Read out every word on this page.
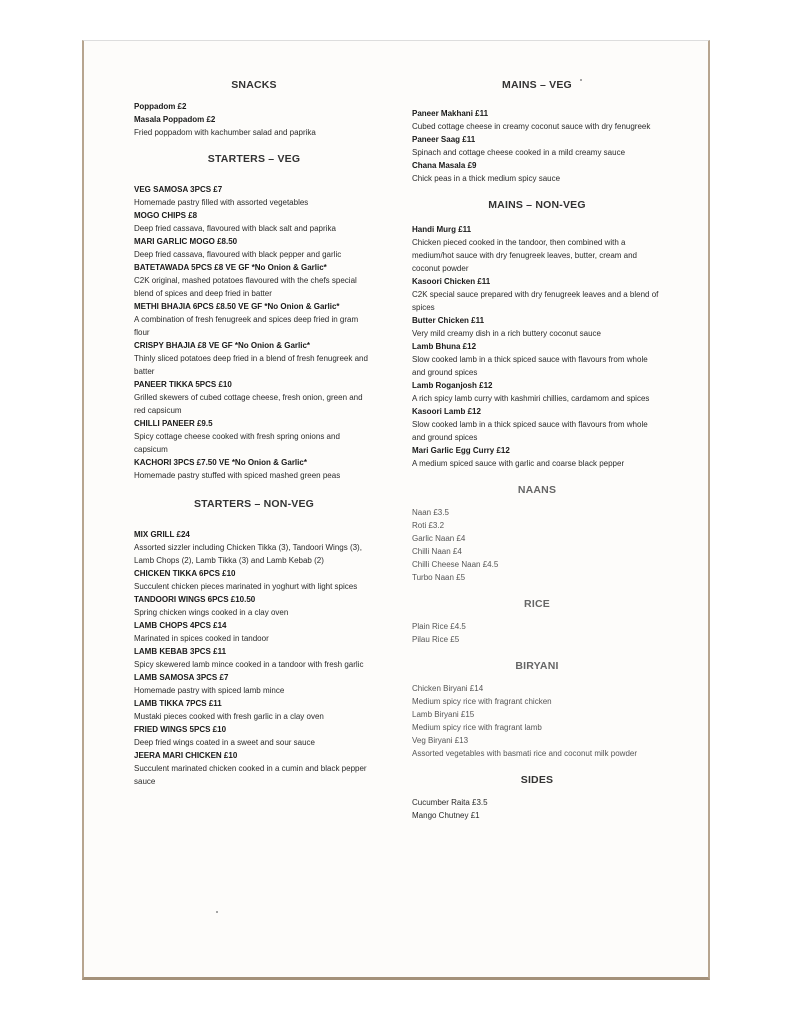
SNACKS
Poppadom £2
Masala Poppadom £2
Fried poppadom with kachumber salad and paprika
STARTERS – VEG
VEG SAMOSA 3PCS £7
Homemade pastry filled with assorted vegetables
MOGO CHIPS £8
Deep fried cassava, flavoured with black salt and paprika
MARI GARLIC MOGO £8.50
Deep fried cassava, flavoured with black pepper and garlic
BATETAWADA 5PCS £8 VE GF *No Onion & Garlic*
C2K original, mashed potatoes flavoured with the chefs special blend of spices and deep fried in batter
METHI BHAJIA 6PCS £8.50 VE GF *No Onion & Garlic*
A combination of fresh fenugreek and spices deep fried in gram flour
CRISPY BHAJIA £8 VE GF *No Onion & Garlic*
Thinly sliced potatoes deep fried in a blend of fresh fenugreek and batter
PANEER TIKKA 5PCS £10
Grilled skewers of cubed cottage cheese, fresh onion, green and red capsicum
CHILLI PANEER £9.5
Spicy cottage cheese cooked with fresh spring onions and capsicum
KACHORI 3PCS £7.50 VE *No Onion & Garlic*
Homemade pastry stuffed with spiced mashed green peas
STARTERS – NON-VEG
MIX GRILL £24
Assorted sizzler including Chicken Tikka (3), Tandoori Wings (3), Lamb Chops (2), Lamb Tikka (3) and Lamb Kebab (2)
CHICKEN TIKKA 6PCS £10
Succulent chicken pieces marinated in yoghurt with light spices
TANDOORI WINGS 6PCS £10.50
Spring chicken wings cooked in a clay oven
LAMB CHOPS 4PCS £14
Marinated in spices cooked in tandoor
LAMB KEBAB 3PCS £11
Spicy skewered lamb mince cooked in a tandoor with fresh garlic
LAMB SAMOSA 3PCS £7
Homemade pastry with spiced lamb mince
LAMB TIKKA 7PCS £11
Mustaki pieces cooked with fresh garlic in a clay oven
FRIED WINGS 5PCS £10
Deep fried wings coated in a sweet and sour sauce
JEERA MARI CHICKEN £10
Succulent marinated chicken cooked in a cumin and black pepper sauce
MAINS – VEG
Paneer Makhani £11
Cubed cottage cheese in creamy coconut sauce with dry fenugreek
Paneer Saag £11
Spinach and cottage cheese cooked in a mild creamy sauce
Chana Masala £9
Chick peas in a thick medium spicy sauce
MAINS – NON-VEG
Handi Murg £11
Chicken pieced cooked in the tandoor, then combined with a medium/hot sauce with dry fenugreek leaves, butter, cream and coconut powder
Kasoori Chicken £11
C2K special sauce prepared with dry fenugreek leaves and a blend of spices
Butter Chicken £11
Very mild creamy dish in a rich buttery coconut sauce
Lamb Bhuna £12
Slow cooked lamb in a thick spiced sauce with flavours from whole and ground spices
Lamb Roganjosh £12
A rich spicy lamb curry with kashmiri chillies, cardamom and spices
Kasoori Lamb £12
Slow cooked lamb in a thick spiced sauce with flavours from whole and ground spices
Mari Garlic Egg Curry £12
A medium spiced sauce with garlic and coarse black pepper
NAANS
Naan £3.5
Roti £3.2
Garlic Naan £4
Chilli Naan £4
Chilli Cheese Naan £4.5
Turbo Naan £5
RICE
Plain Rice £4.5
Pilau Rice £5
BIRYANI
Chicken Biryani £14
Medium spicy rice with fragrant chicken
Lamb Biryani £15
Medium spicy rice with fragrant lamb
Veg Biryani £13
Assorted vegetables with basmati rice and coconut milk powder
SIDES
Cucumber Raita £3.5
Mango Chutney £1
